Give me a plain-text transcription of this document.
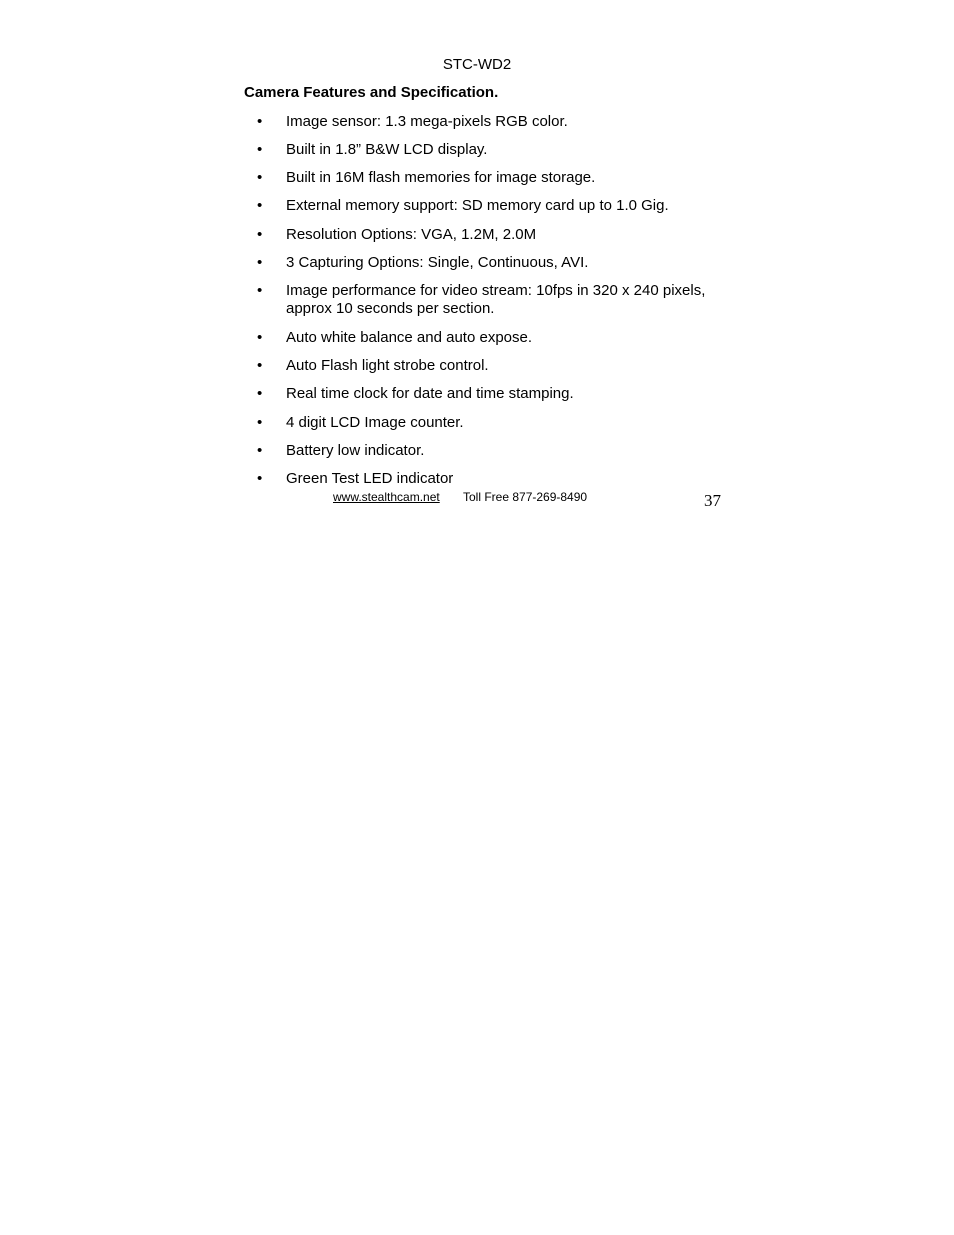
STC-WD2
Camera Features and Specification.
• Image sensor: 1.3 mega-pixels RGB color.
• Built in 1.8” B&W LCD display.
• Built in 16M flash memories for image storage.
• External memory support: SD memory card up to 1.0 Gig.
• Resolution Options: VGA, 1.2M, 2.0M
• 3 Capturing Options: Single, Continuous, AVI.
• Image performance for video stream: 10fps in 320 x 240 pixels, approx 10 seconds per section.
• Auto white balance and auto expose.
• Auto Flash light strobe control.
• Real time clock for date and time stamping.
• 4 digit LCD Image counter.
• Battery low indicator.
• Green Test LED indicator
www.stealthcam.net Toll Free 877-269-8490	37
